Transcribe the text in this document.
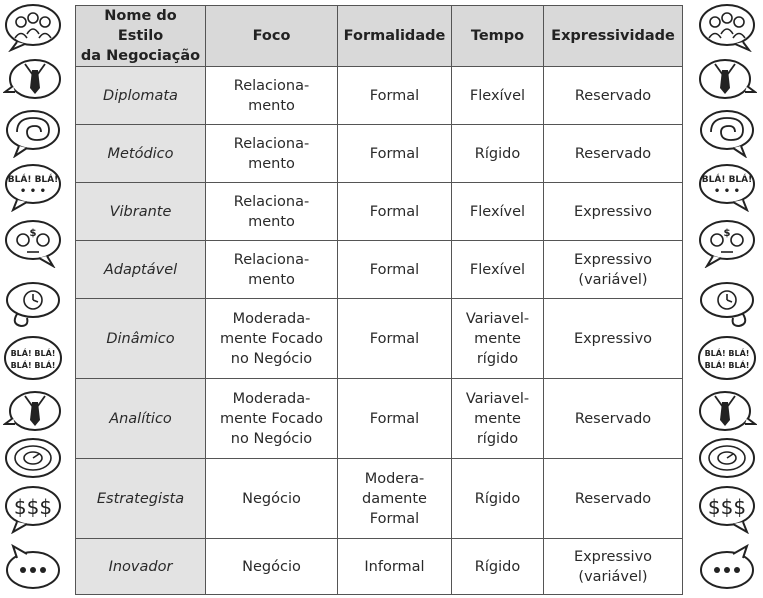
BLÁ! BLÁ!
• • •
$
BLÁ! BLÁ!
BLÁ! BLÁ!
$$$
BLÁ! BLÁ!
• • •
$
BLÁ! BLÁ!
BLÁ! BLÁ!
$$$
Nome do Estilo
da Negociação	Foco	Formalidade	Tempo	Expressividade

Diplomata	Relaciona-
mento	Formal	Flexível	Reservado

Metódico	Relaciona-
mento	Formal	Rígido	Reservado

Vibrante	Relaciona-
mento	Formal	Flexível	Expressivo

Adaptável	Relaciona-
mento	Formal	Flexível	Expressivo
(variável)

Dinâmico	Moderada-
mente Focado
no Negócio	Formal	Variavel-
mente
rígido	Expressivo

Analítico	Moderada-
mente Focado
no Negócio	Formal	Variavel-
mente
rígido	Reservado

Estrategista	Negócio	Modera-
damente
Formal	Rígido	Reservado

Inovador	Negócio	Informal	Rígido	Expressivo
(variável)
